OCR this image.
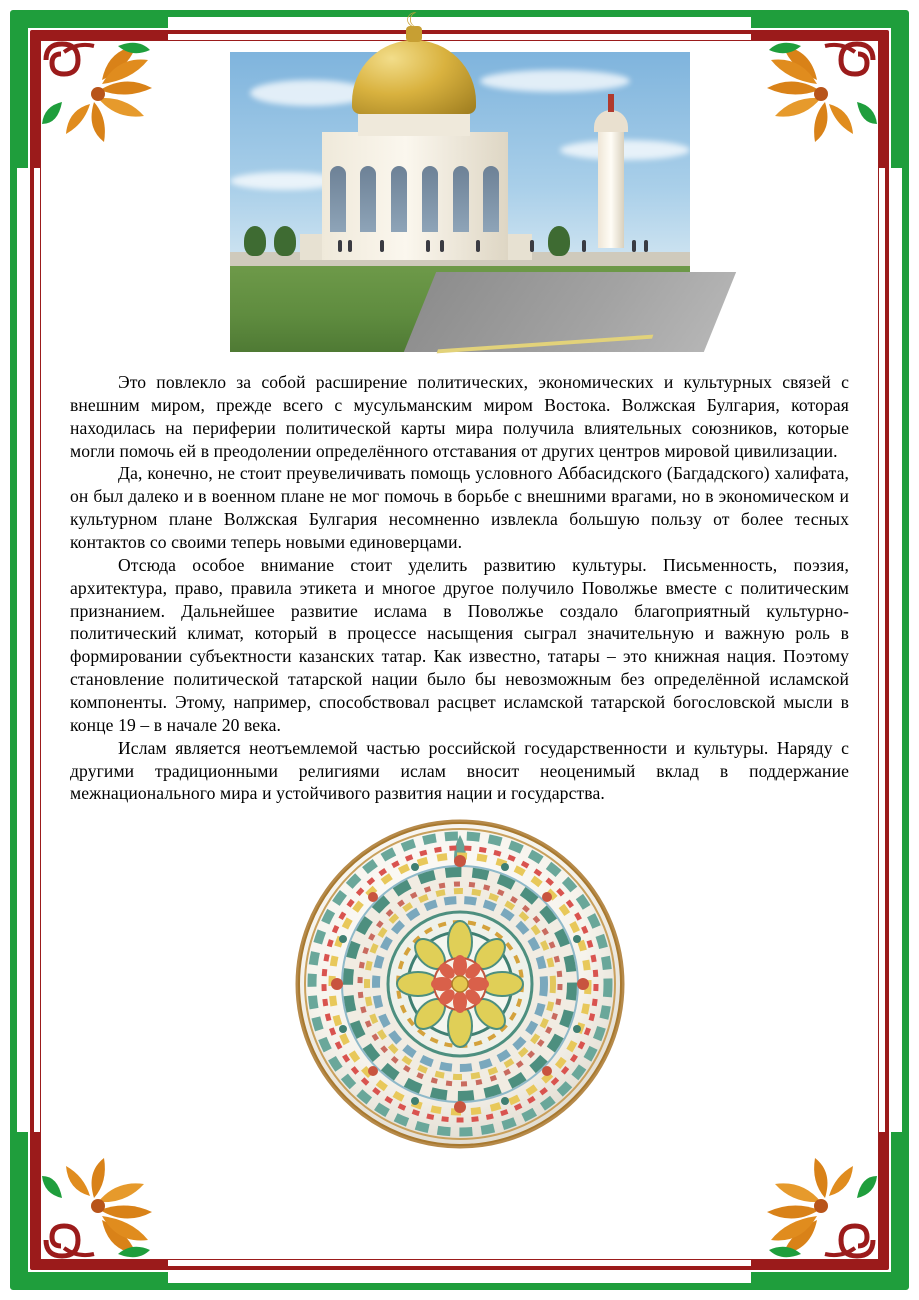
☾

Это повлекло за собой расширение политических, экономических и культурных связей с внешним миром, прежде всего с мусульманским миром Востока. Волжская Булгария, которая находилась на периферии политической карты мира получила влиятельных союзников, которые могли помочь ей в преодолении определённого отставания от других центров мировой цивилизации.

Да, конечно, не стоит преувеличивать помощь условного Аббасидского (Багдадского) халифата, он был далеко и в военном плане не мог помочь в борьбе с внешними врагами, но в экономическом и культурном плане Волжская Булгария несомненно извлекла большую пользу от более тесных контактов со своими теперь новыми единоверцами.

Отсюда особое внимание стоит уделить развитию культуры. Письменность, поэзия, архитектура, право, правила этикета и многое другое получило Поволжье вместе с политическим признанием. Дальнейшее развитие ислама в Поволжье создало благоприятный культурно-политический климат, который в процессе насыщения сыграл значительную и важную роль в формировании субъектности казанских татар. Как известно, татары – это книжная нация. Поэтому становление политической татарской нации было бы невозможным без определённой исламской компоненты. Этому, например, способствовал расцвет исламской татарской богословской мысли в конце 19 – в начале 20 века.

Ислам является неотъемлемой частью российской государственности и культуры. Наряду с другими традиционными религиями ислам вносит неоценимый вклад в поддержание межнационального мира и устойчивого развития нации и государства.
